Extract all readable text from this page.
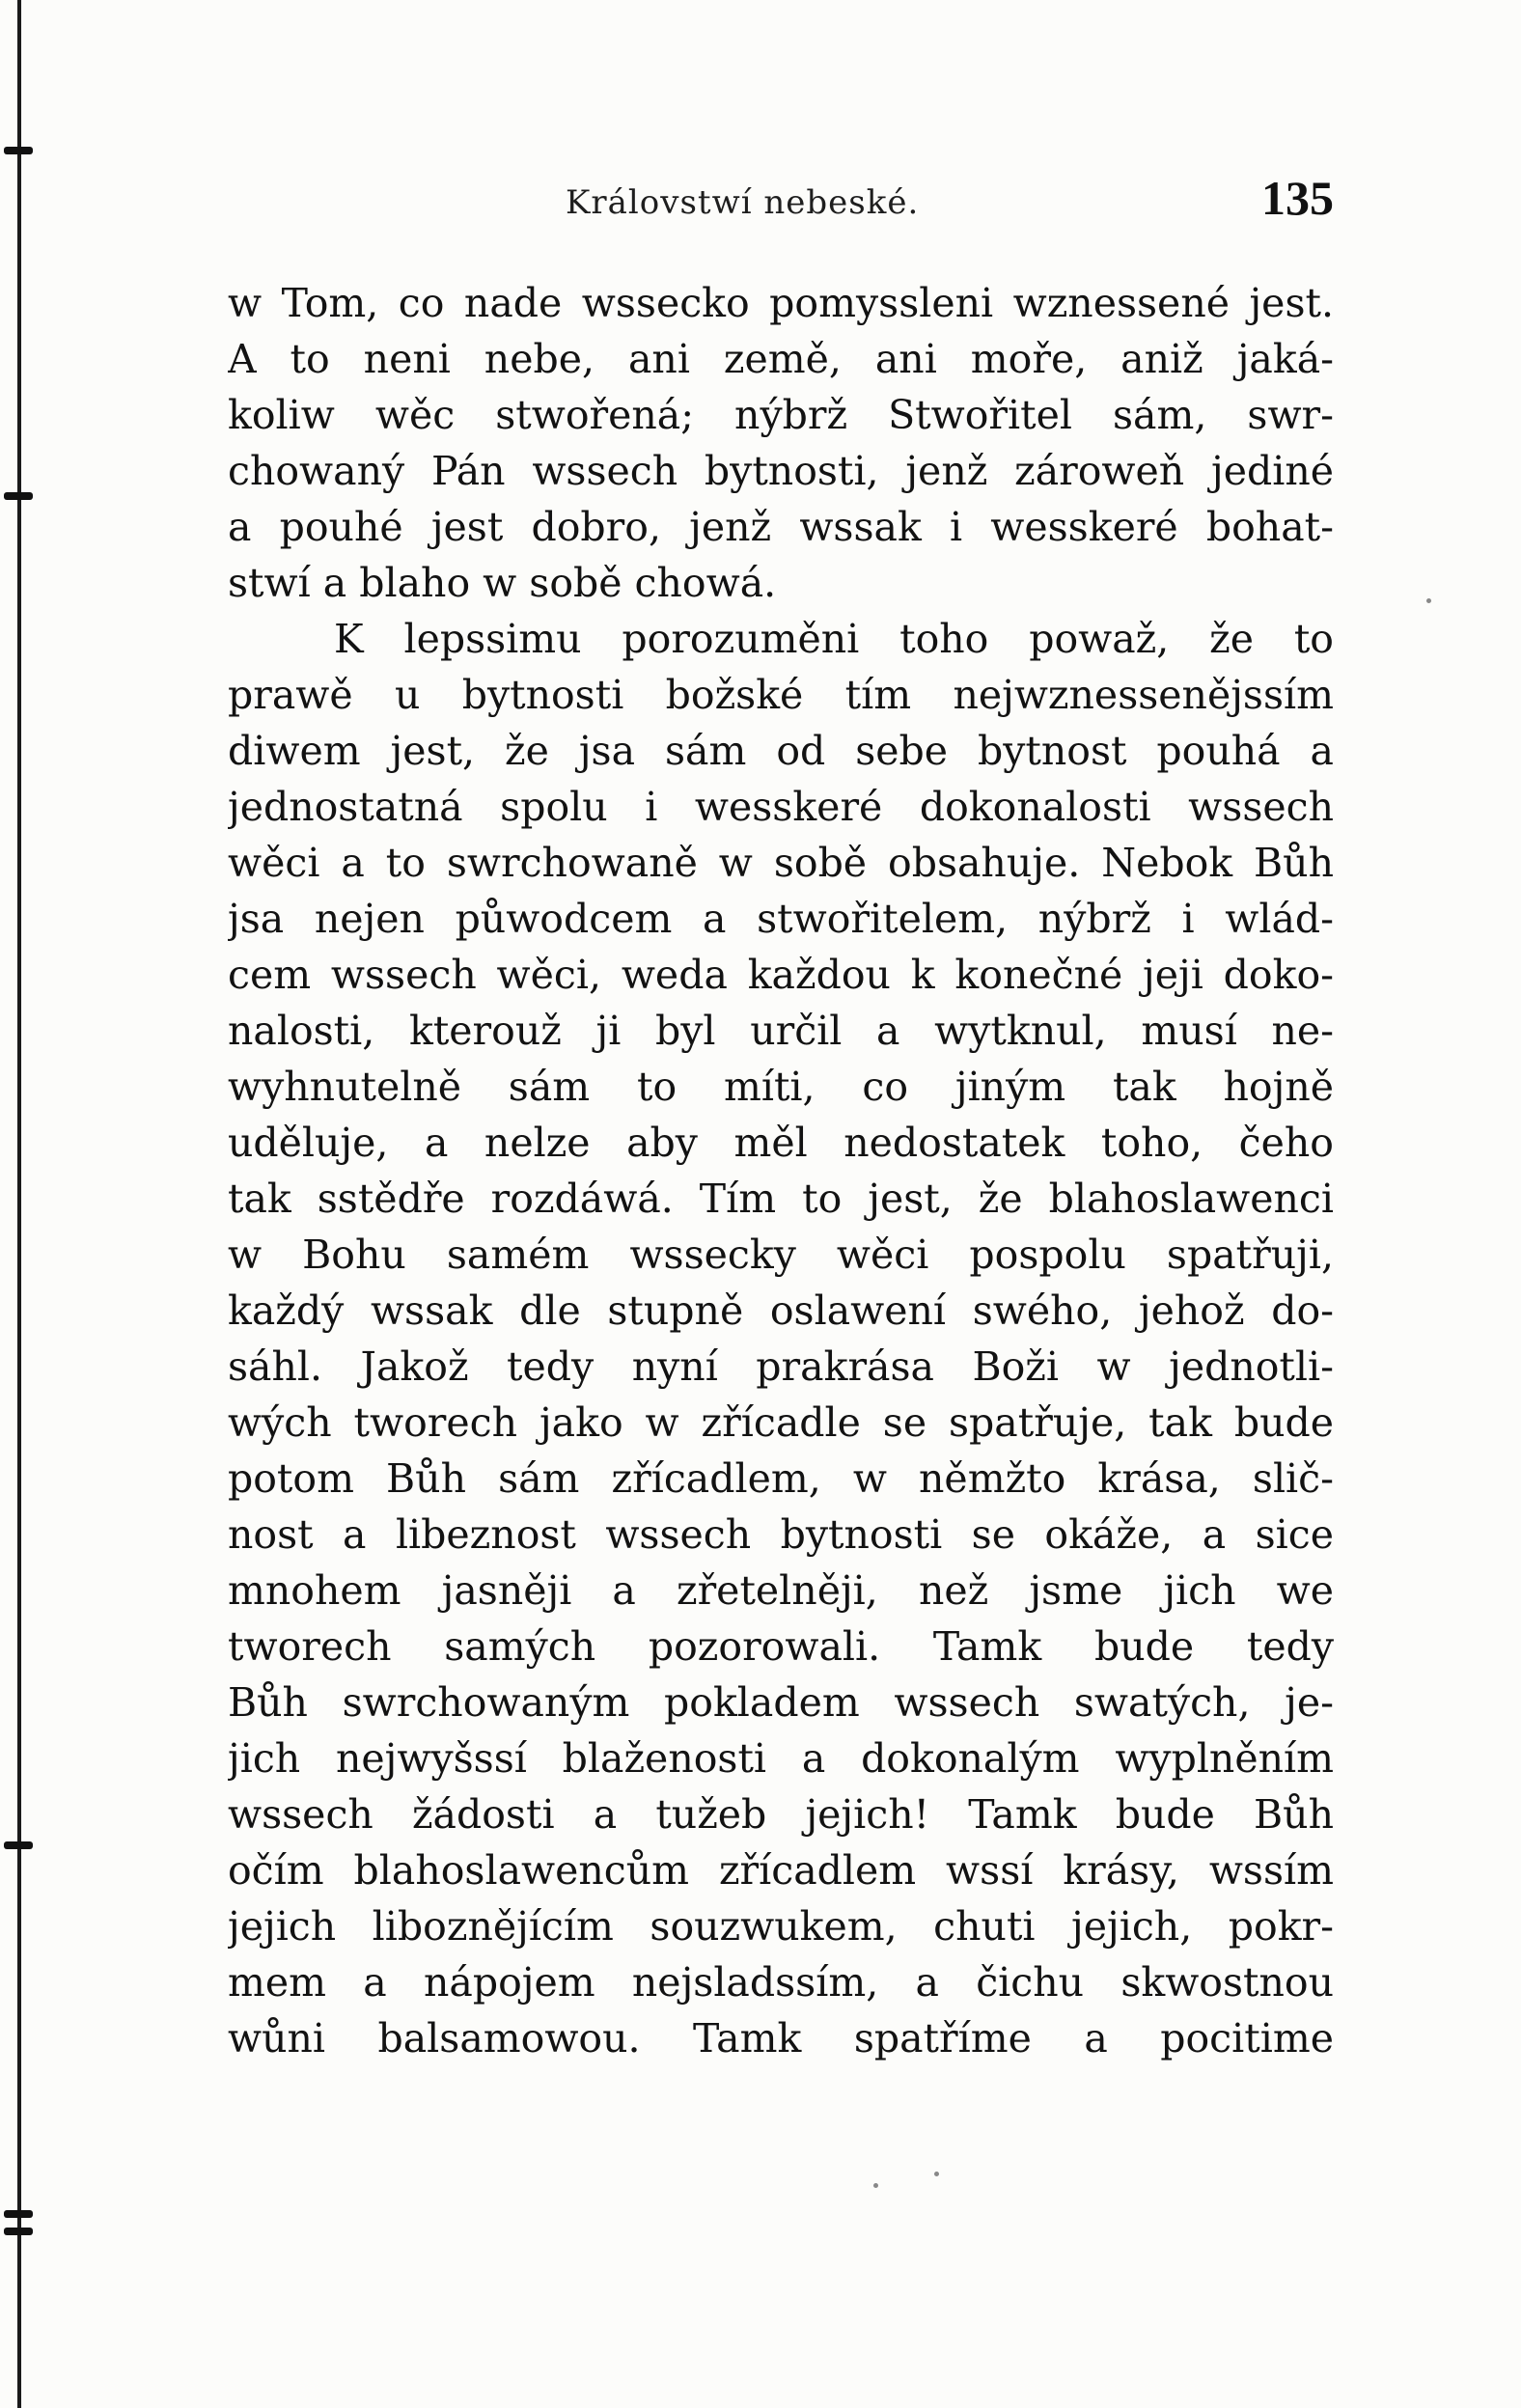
Královstwí nebeské.	135
w Tom, co nade wssecko pomyssleni wznessené jest.
A to neni nebe, ani země, ani moře, aniž jaká-
koliw wěc stwořená; nýbrž Stwořitel sám, swr-
chowaný Pán wssech bytnosti, jenž zároweň jediné
a pouhé jest dobro, jenž wssak i wesskeré bohat-
stwí a blaho w sobě chowá.
K lepssimu porozuměni toho powaž, že to
prawě u bytnosti božské tím nejwznessenějssím
diwem jest, že jsa sám od sebe bytnost pouhá a
jednostatná spolu i wesskeré dokonalosti wssech
wěci a to swrchowaně w sobě obsahuje. Nebok Bůh
jsa nejen půwodcem a stwořitelem, nýbrž i wlád-
cem wssech wěci, weda každou k konečné jeji doko-
nalosti, kterouž ji byl určil a wytknul, musí ne-
wyhnutelně sám to míti, co jiným tak hojně
uděluje, a nelze aby měl nedostatek toho, čeho
tak sstědře rozdáwá. Tím to jest, že blahoslawenci
w Bohu samém wssecky wěci pospolu spatřuji,
každý wssak dle stupně oslawení swého, jehož do-
sáhl. Jakož tedy nyní prakrása Boži w jednotli-
wých tworech jako w zřícadle se spatřuje, tak bude
potom Bůh sám zřícadlem, w němžto krása, slič-
nost a libeznost wssech bytnosti se okáže, a sice
mnohem jasněji a zřetelněji, než jsme jich we
tworech samých pozorowali. Tamk bude tedy
Bůh swrchowaným pokladem wssech swatých, je-
jich nejwyšssí blaženosti a dokonalým wyplněním
wssech žádosti a tužeb jejich! Tamk bude Bůh
očím blahoslawencům zřícadlem wssí krásy, wssím
jejich liboznějícím souzwukem, chuti jejich, pokr-
mem a nápojem nejsladssím, a čichu skwostnou
wůni balsamowou. Tamk spatříme a pocitime
